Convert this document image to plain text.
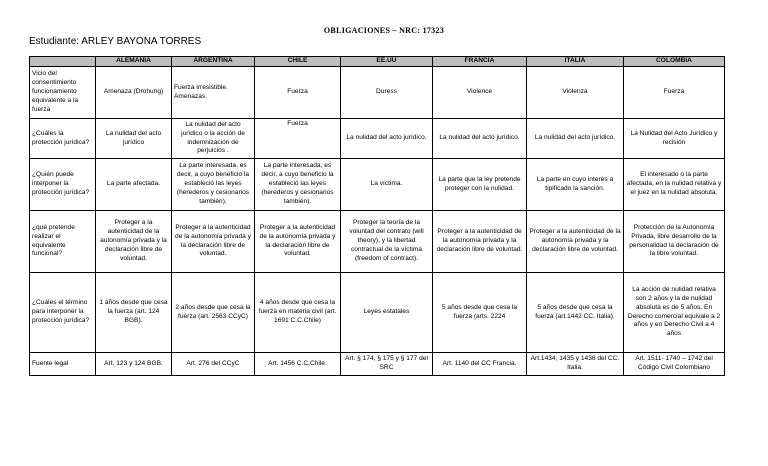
OBLIGACIONES – NRC: 17323
Estudiante: ARLEY BAYONA TORRES
	ALEMANIA	ARGENTINA	CHILE	EE.UU	FRANCIA	ITALIA	COLOMBIA
Vicio del consentimiento funcionamiento equivalente a la fuerza	Amenaza (Drohung)	Fuerza irresistible. Amenazas.	Fuerza	Duress	Violence	Violenza	Fuerza
¿Cuáles la protección jurídica?	La nulidad del acto jurídico	La nulidad del acto jurídico o la acción de indemnización de perjuicios .	Fuerza	La nulidad del acto jurídico.	La nulidad del acto jurídico.	La nulidad del acto jurídico.	La Nulidad del Acto Jurídico y recisión
¿Quién puede interponer la protección jurídica?	La parte afectada.	La parte interesada, es decir, a cuyo beneficio la estableció las leyes (herederos y cesionarios también).	La parte interesada, es decir, a cuyo beneficio la estableció las leyes (herederos y cesionarios también).	La víctima.	La parte que la ley pretende proteger con la nulidad.	La parte en cuyo interés a tipificado la sanción.	El interesado o la parte afectada, en la nulidad relativa y el juez en la nulidad absoluta.
¿qué pretende realizar el equivalente funcional?	Proteger a la autenticidad de la autonomía privada y la declaración libre de voluntad.	Proteger a la autenticidad de la autonomía privada y la declaración libre de voluntad.	Proteger a la autenticidad de la autonomía privada y la declaración libre de voluntad.	Proteger la teoría de la voluntad del contrato (will theory), y la libertad contractual de la víctima (freedom of contract).	Proteger a la autenticidad de la autonomía privada y la declaración libre de voluntad.	Proteger a la autenticidad de la autonomía privada y la declaración libre de voluntad.	Protección de la Autonomía Privada, libre desarrollo de la personalidad la declaración de la libre voluntad.
¿Cuáles el término para interponer la protección jurídica?	1 años desde que cesa la fuerza (art. 124 BGB).	2 años desde que cesa la fuerza (art. 2563 CCyC)	4 años desde que cesa la fuerza en materia civil (art. 1691 C.C.Chile)	Leyes estatales	5 años desde que cesa la fuerza (arts. 2224	5 años desde que cesa la fuerza (art.1442 CC. Italia).	La acción de nulidad relativa son 2 años y la de nulidad absoluta es de 5 años. En Derecho comercial equivale a 2 años y en Derecho Civil a 4 años
Fuente legal	Art. 123 y 124 BGB.	Art. 276 del CCyC	Art. 1456 C.C.Chile.	Art. § 174, § 175 y § 177 del SRC	Art. 1140 del CC Francia.	Art.1434, 1435 y 1436 del CC. Italia.	Art. 1511- 1740 – 1742 del Código Civil Colombiano
